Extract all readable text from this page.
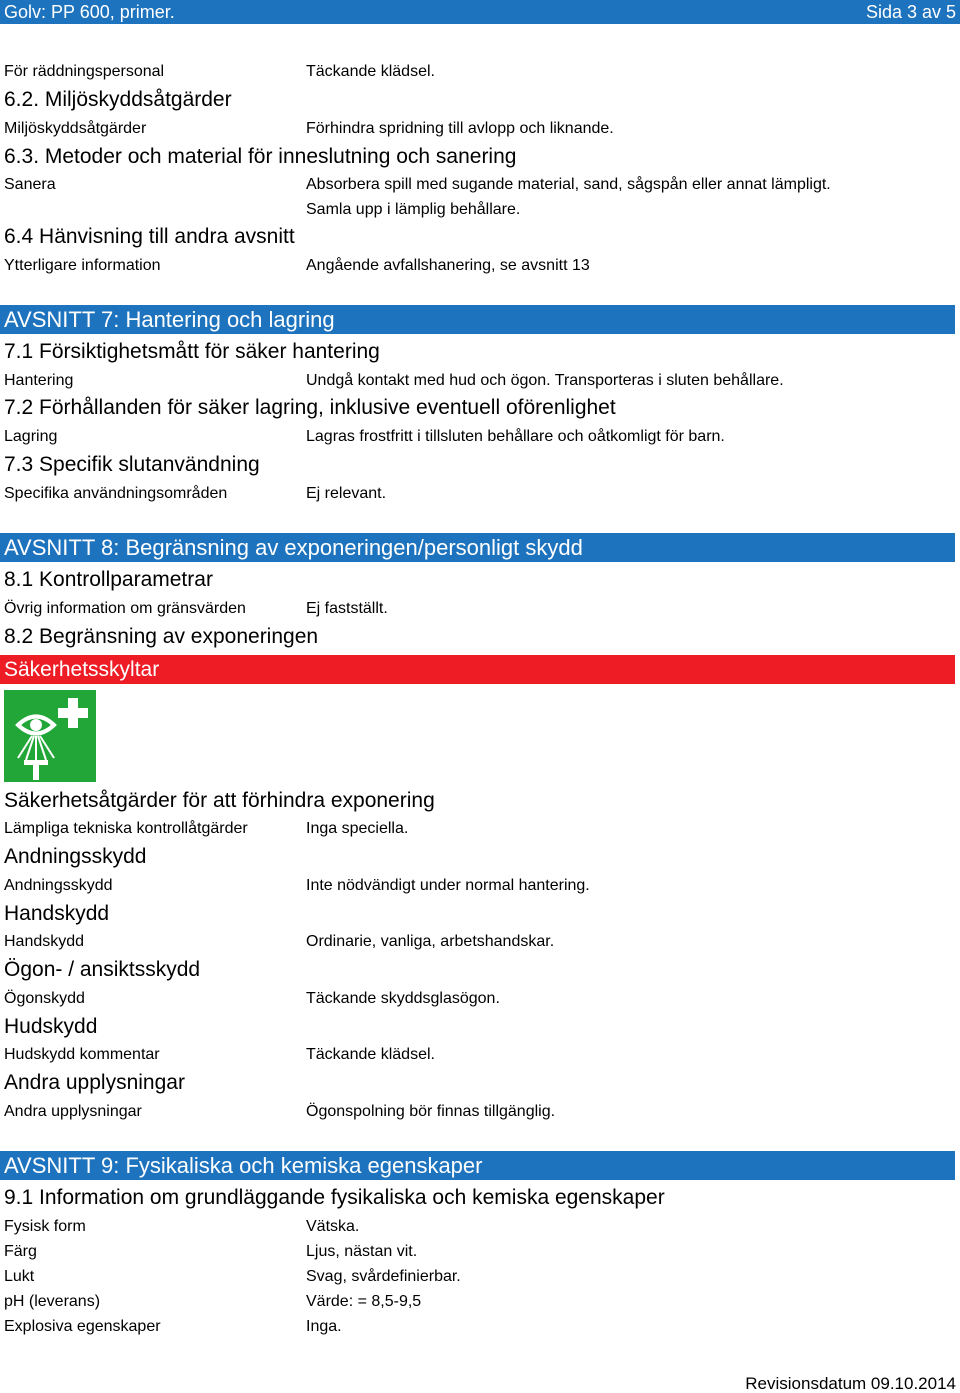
Golv: PP 600, primer.	Sida 3 av 5
För räddningspersonal	Täckande klädsel.
6.2. Miljöskyddsåtgärder
Miljöskyddsåtgärder	Förhindra spridning till avlopp och liknande.
6.3. Metoder och material för inneslutning och sanering
Sanera	Absorbera spill med sugande material, sand, sågspån eller annat lämpligt.
Samla upp i lämplig behållare.
6.4 Hänvisning till andra avsnitt
Ytterligare information	Angående avfallshanering, se avsnitt 13
AVSNITT 7: Hantering och lagring
7.1 Försiktighetsmått för säker hantering
Hantering	Undgå kontakt med hud och ögon. Transporteras i sluten behållare.
7.2 Förhållanden för säker lagring, inklusive eventuell oförenlighet
Lagring	Lagras frostfritt i tillsluten behållare och oåtkomligt för barn.
7.3 Specifik slutanvändning
Specifika användningsområden	Ej relevant.
AVSNITT 8: Begränsning av exponeringen/personligt skydd
8.1 Kontrollparametrar
Övrig information om gränsvärden	Ej fastställt.
8.2 Begränsning av exponeringen
Säkerhetsskyltar
Säkerhetsåtgärder för att förhindra exponering
Lämpliga tekniska kontrollåtgärder	Inga speciella.
Andningsskydd
Andningsskydd	Inte nödvändigt under normal hantering.
Handskydd
Handskydd	Ordinarie, vanliga, arbetshandskar.
Ögon- / ansiktsskydd
Ögonskydd	Täckande skyddsglasögon.
Hudskydd
Hudskydd kommentar	Täckande klädsel.
Andra upplysningar
Andra upplysningar	Ögonspolning bör finnas tillgänglig.
AVSNITT 9: Fysikaliska och kemiska egenskaper
9.1 Information om grundläggande fysikaliska och kemiska egenskaper
Fysisk form	Vätska.
Färg	Ljus, nästan vit.
Lukt	Svag, svårdefinierbar.
pH (leverans)	Värde: = 8,5-9,5
Explosiva egenskaper	Inga.
Revisionsdatum 09.10.2014
